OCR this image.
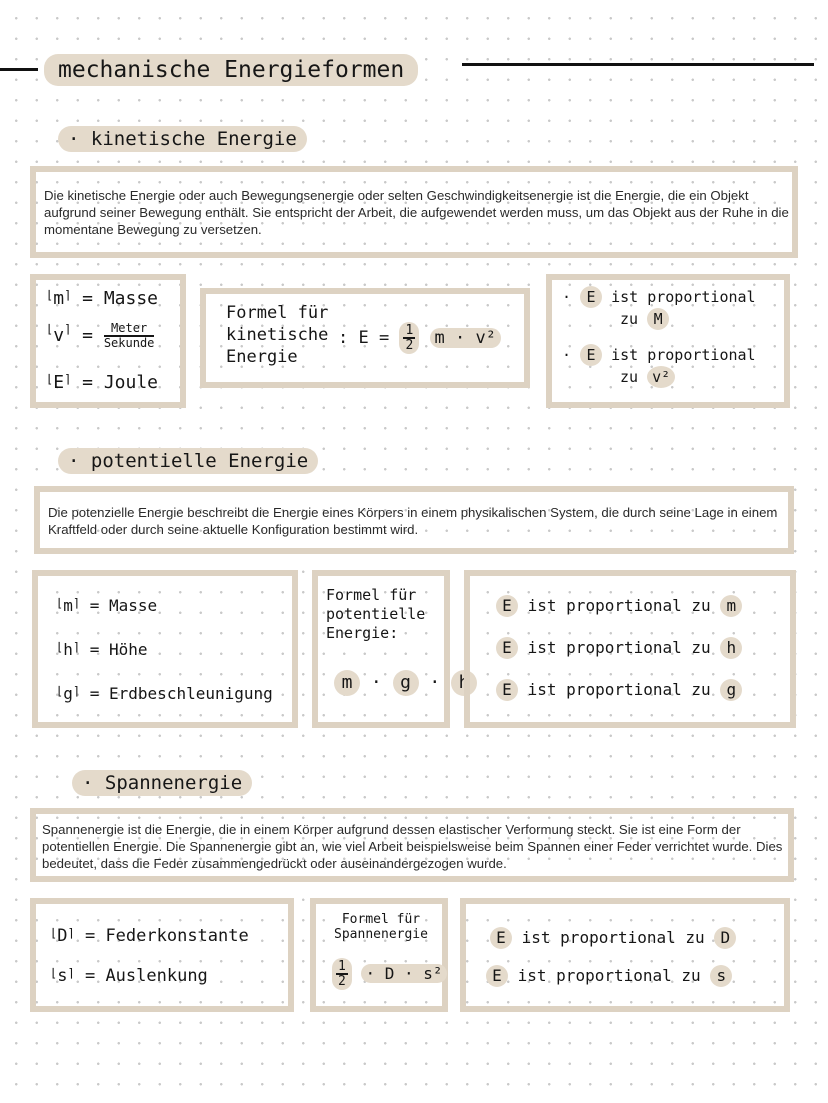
mechanische Energieformen
· kinetische Energie
Die kinetische Energie oder auch Bewegungsenergie oder selten Geschwindigkeitsenergie ist die Energie, die ein Objekt aufgrund seiner Bewegung enthält. Sie entspricht der Arbeit, die aufgewendet werden muss, um das Objekt aus der Ruhe in die momentane Bewegung zu versetzen.
⌊m⌉ = Masse
$^⌊v^⌉ = \frac{\text{Meter}}{\text{Sekunde}}$
⌊E⌉ = Joule
Formel für kinetische Energie
: $E = \frac{1}{2}$ m · v²
· E ist proportional
zu M
· E ist proportional
zu v²
· potentielle Energie
Die potenzielle Energie beschreibt die Energie eines Körpers in einem physikalischen System, die durch seine Lage in einem Kraftfeld oder durch seine aktuelle Konfiguration bestimmt wird.
⌊m⌉ = Masse
⌊h⌉ = Höhe
⌊g⌉ = Erdbeschleunigung
Formel für potentielle Energie:
m · g · h
E ist proportional zu m
E ist proportional zu h
E ist proportional zu g
· Spannenergie
Spannenergie ist die Energie, die in einem Körper aufgrund dessen elastischer Verformung steckt. Sie ist eine Form der potentiellen Energie. Die Spannenergie gibt an, wie viel Arbeit beispielsweise beim Spannen einer Feder verrichtet wurde. Dies bedeutet, dass die Feder zusammengedrückt oder auseinandergezogen wurde.
⌊D⌉ = Federkonstante
⌊s⌉ = Auslenkung
Formel für Spannenergie
$\frac{1}{2} \cdot D \cdot s^2$
E ist proportional zu D
E ist proportional zu s
